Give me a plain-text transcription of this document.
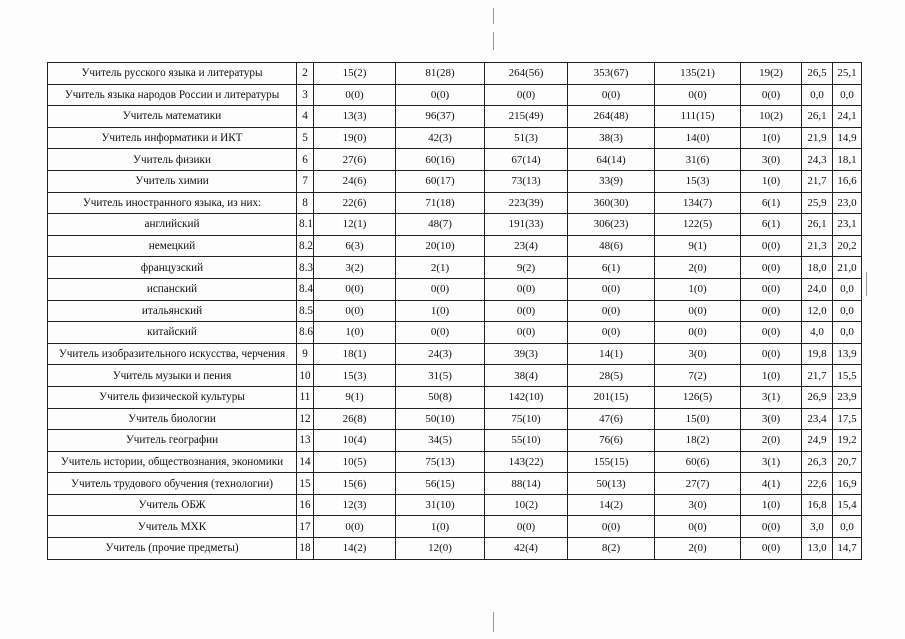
Учитель русского языка и литературы	2	15(2)	81(28)	264(56)	353(67)	135(21)	19(2)	26,5	25,1
Учитель языка народов России и литературы	3	0(0)	0(0)	0(0)	0(0)	0(0)	0(0)	0,0	0,0
Учитель математики	4	13(3)	96(37)	215(49)	264(48)	111(15)	10(2)	26,1	24,1
Учитель информатики и ИКТ	5	19(0)	42(3)	51(3)	38(3)	14(0)	1(0)	21,9	14,9
Учитель физики	6	27(6)	60(16)	67(14)	64(14)	31(6)	3(0)	24,3	18,1
Учитель химии	7	24(6)	60(17)	73(13)	33(9)	15(3)	1(0)	21,7	16,6
Учитель иностранного языка, из них:	8	22(6)	71(18)	223(39)	360(30)	134(7)	6(1)	25,9	23,0
английский	8.1	12(1)	48(7)	191(33)	306(23)	122(5)	6(1)	26,1	23,1
немецкий	8.2	6(3)	20(10)	23(4)	48(6)	9(1)	0(0)	21,3	20,2
французский	8.3	3(2)	2(1)	9(2)	6(1)	2(0)	0(0)	18,0	21,0
испанский	8.4	0(0)	0(0)	0(0)	0(0)	1(0)	0(0)	24,0	0,0
итальянский	8.5	0(0)	1(0)	0(0)	0(0)	0(0)	0(0)	12,0	0,0
китайский	8.6	1(0)	0(0)	0(0)	0(0)	0(0)	0(0)	4,0	0,0
Учитель изобразительного искусства, черчения	9	18(1)	24(3)	39(3)	14(1)	3(0)	0(0)	19,8	13,9
Учитель музыки и пения	10	15(3)	31(5)	38(4)	28(5)	7(2)	1(0)	21,7	15,5
Учитель физической культуры	11	9(1)	50(8)	142(10)	201(15)	126(5)	3(1)	26,9	23,9
Учитель биологии	12	26(8)	50(10)	75(10)	47(6)	15(0)	3(0)	23,4	17,5
Учитель географии	13	10(4)	34(5)	55(10)	76(6)	18(2)	2(0)	24,9	19,2
Учитель истории, обществознания, экономики	14	10(5)	75(13)	143(22)	155(15)	60(6)	3(1)	26,3	20,7
Учитель трудового обучения (технологии)	15	15(6)	56(15)	88(14)	50(13)	27(7)	4(1)	22,6	16,9
Учитель ОБЖ	16	12(3)	31(10)	10(2)	14(2)	3(0)	1(0)	16,8	15,4
Учитель МХК	17	0(0)	1(0)	0(0)	0(0)	0(0)	0(0)	3,0	0,0
Учитель (прочие предметы)	18	14(2)	12(0)	42(4)	8(2)	2(0)	0(0)	13,0	14,7
